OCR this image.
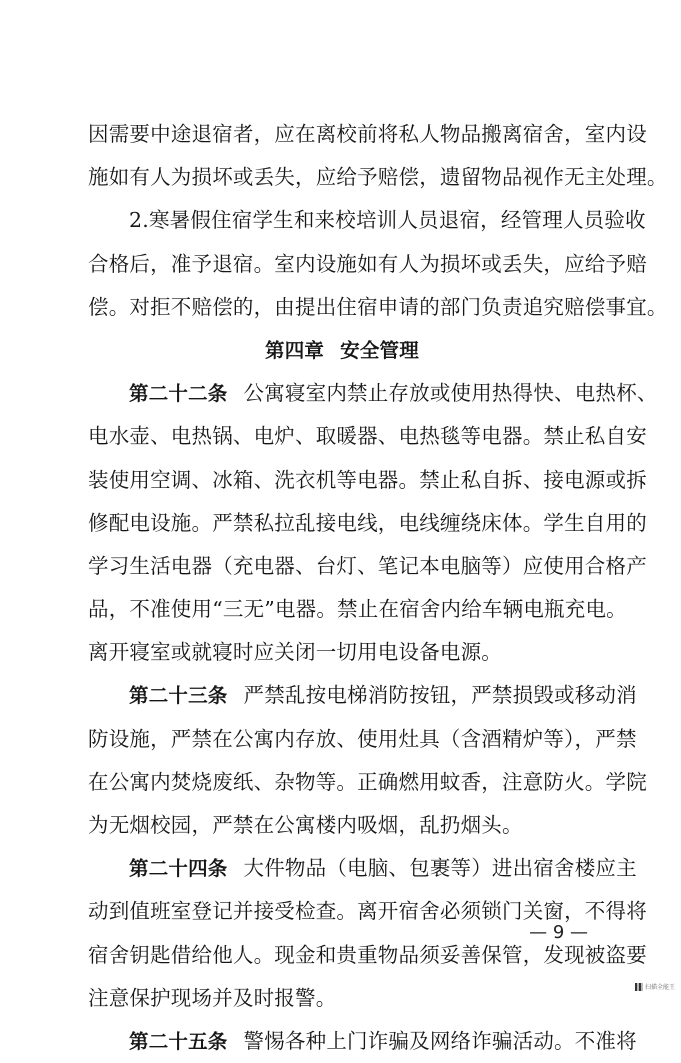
因需要中途退宿者，应在离校前将私人物品搬离宿舍，室内设
施如有人为损坏或丢失，应给予赔偿，遗留物品视作无主处理。
2.寒暑假住宿学生和来校培训人员退宿，经管理人员验收
合格后，准予退宿。室内设施如有人为损坏或丢失，应给予赔
偿。对拒不赔偿的，由提出住宿申请的部门负责追究赔偿事宜。
第四章 安全管理
第二十二条 公寓寝室内禁止存放或使用热得快、电热杯、
电水壶、电热锅、电炉、取暖器、电热毯等电器。禁止私自安
装使用空调、冰箱、洗衣机等电器。禁止私自拆、接电源或拆
修配电设施。严禁私拉乱接电线，电线缠绕床体。学生自用的
学习生活电器（充电器、台灯、笔记本电脑等）应使用合格产
品，不准使用“三无”电器。禁止在宿舍内给车辆电瓶充电。
离开寝室或就寝时应关闭一切用电设备电源。
第二十三条 严禁乱按电梯消防按钮，严禁损毁或移动消
防设施，严禁在公寓内存放、使用灶具（含酒精炉等），严禁
在公寓内焚烧废纸、杂物等。正确燃用蚊香，注意防火。学院
为无烟校园，严禁在公寓楼内吸烟，乱扔烟头。
第二十四条 大件物品（电脑、包裹等）进出宿舍楼应主
动到值班室登记并接受检查。离开宿舍必须锁门关窗，不得将
宿舍钥匙借给他人。现金和贵重物品须妥善保管，发现被盗要
注意保护现场并及时报警。
第二十五条 警惕各种上门诈骗及网络诈骗活动。不准将
— 9 —
扫描全能王
